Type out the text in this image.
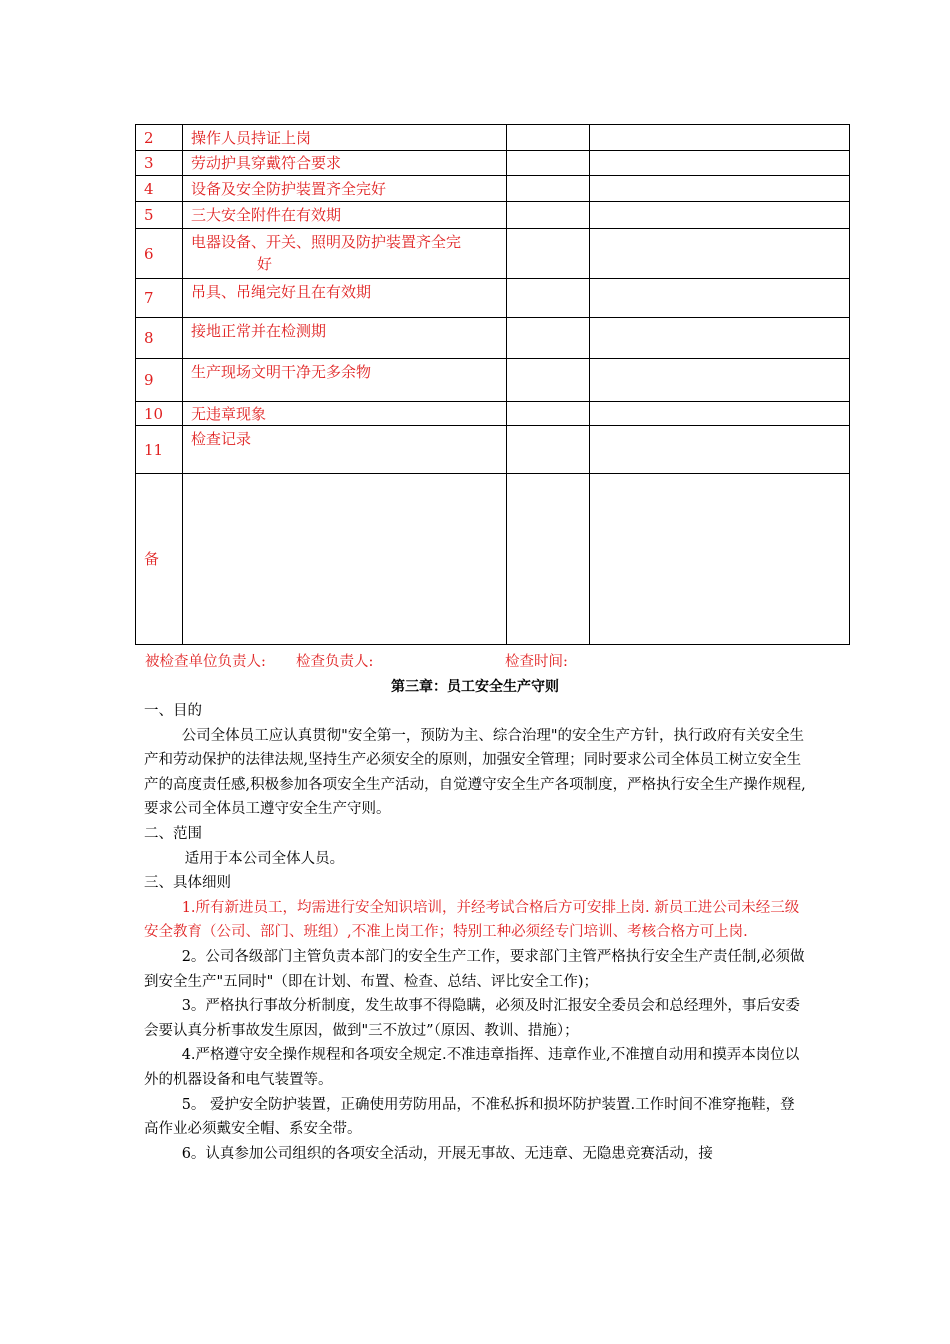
2	操作人员持证上岗		
3	劳动护具穿戴符合要求		
4	设备及安全防护装置齐全完好		
5	三大安全附件在有效期		
6	电器设备、开关、照明及防护装置齐全完
好		

7	吊具、吊绳完好且在有效期		
8	接地正常并在检测期		
9	生产现场文明干净无多余物		
10	无违章现象		
11	检查记录		
备			
被检查单位负责人: 检查负责人:	检查时间:
第三章：员工安全生产守则

一、目的

公司全体员工应认真贯彻"安全第一，预防为主、综合治理"的安全生产方针，执行政府有关安全生产和劳动保护的法律法规,坚持生产必须安全的原则，加强安全管理；同时要求公司全体员工树立安全生产的高度责任感,积极参加各项安全生产活动，自觉遵守安全生产各项制度，严格执行安全生产操作规程,要求公司全体员工遵守安全生产守则。

二、范围

适用于本公司全体人员。

三、具体细则

1.所有新进员工，均需进行安全知识培训，并经考试合格后方可安排上岗. 新员工进公司未经三级安全教育（公司、部门、班组）,不准上岗工作；特别工种必须经专门培训、考核合格方可上岗.

2。公司各级部门主管负责本部门的安全生产工作，要求部门主管严格执行安全生产责任制,必须做到安全生产"五同时"（即在计划、布置、检查、总结、评比安全工作)；

3。严格执行事故分析制度，发生故事不得隐瞒，必须及时汇报安全委员会和总经理外，事后安委会要认真分析事故发生原因，做到"三不放过”（原因、教训、措施）；

4.严格遵守安全操作规程和各项安全规定.不准违章指挥、违章作业,不准擅自动用和摸弄本岗位以外的机器设备和电气装置等。

5。 爱护安全防护装置，正确使用劳防用品，不准私拆和损坏防护装置.工作时间不准穿拖鞋，登高作业必须戴安全帽、系安全带。

6。认真参加公司组织的各项安全活动，开展无事故、无违章、无隐患竞赛活动，接
